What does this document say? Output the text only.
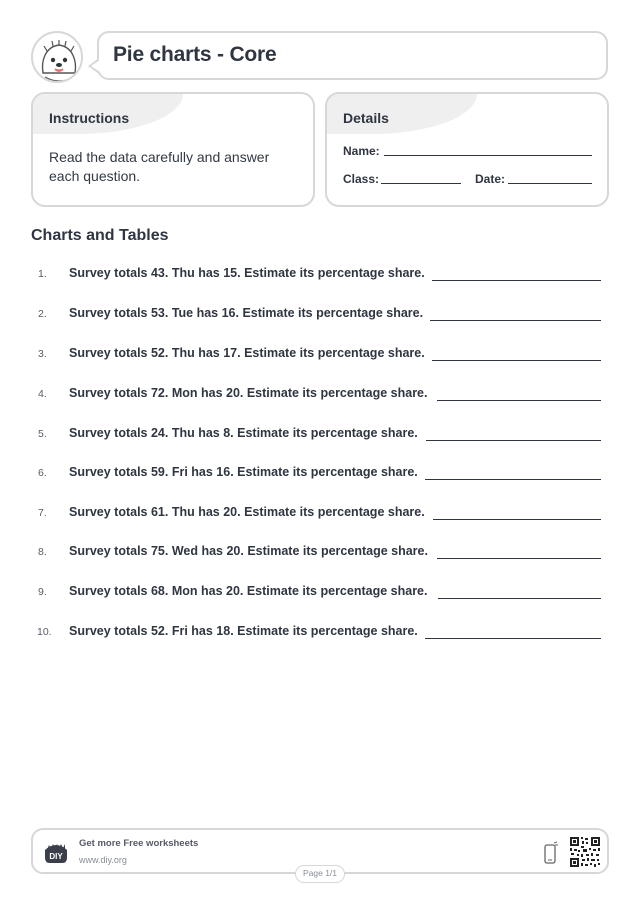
Pie charts - Core
Instructions
Read the data carefully and answer each question.
Details
Name:
Class:	Date:
Charts and Tables
1. Survey totals 43. Thu has 15. Estimate its percentage share.
2. Survey totals 53. Tue has 16. Estimate its percentage share.
3. Survey totals 52. Thu has 17. Estimate its percentage share.
4. Survey totals 72. Mon has 20. Estimate its percentage share.
5. Survey totals 24. Thu has 8. Estimate its percentage share.
6. Survey totals 59. Fri has 16. Estimate its percentage share.
7. Survey totals 61. Thu has 20. Estimate its percentage share.
8. Survey totals 75. Wed has 20. Estimate its percentage share.
9. Survey totals 68. Mon has 20. Estimate its percentage share.
10. Survey totals 52. Fri has 18. Estimate its percentage share.
DIY
Get more Free worksheets
www.diy.org
Page 1/1
